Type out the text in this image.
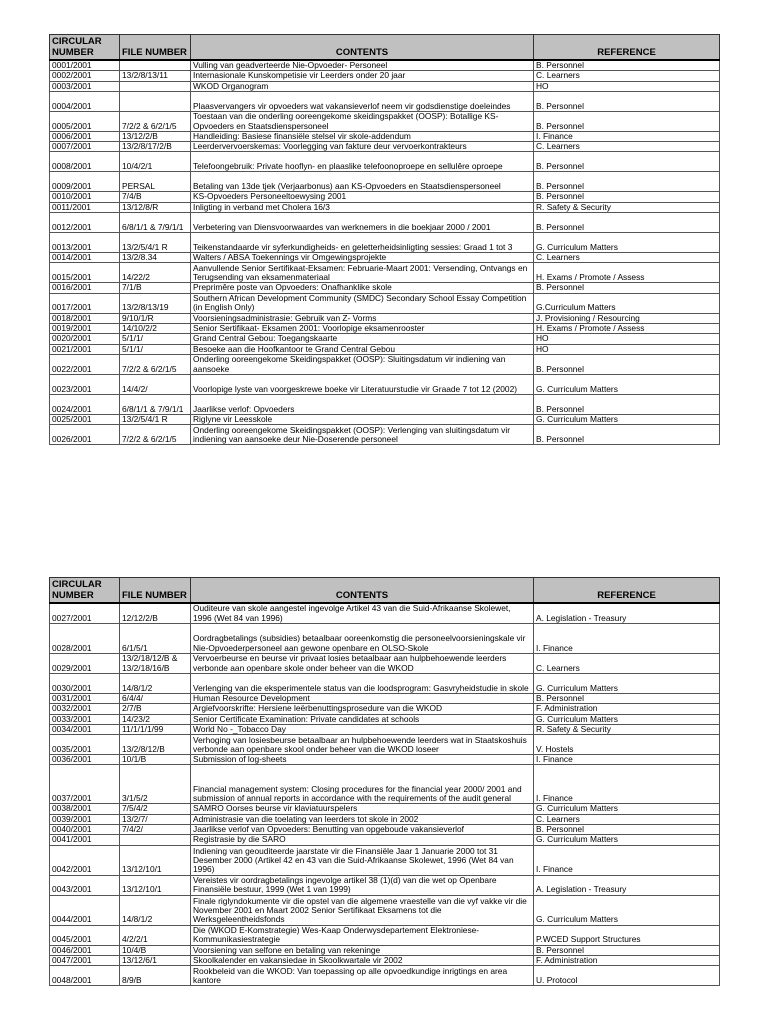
CIRCULAR NUMBER	FILE NUMBER	CONTENTS	REFERENCE
0001/2001		Vulling van geadverteerde Nie-Opvoeder- Personeel	B. Personnel
0002/2001	13/2/8/13/11	Internasionale Kunskompetisie vir Leerders onder 20 jaar	C. Learners
0003/2001		WKOD Organogram	HO
0004/2001		Plaasvervangers vir opvoeders wat vakansieverlof neem vir godsdienstige doeleindes	B. Personnel
0005/2001	7/2/2 & 6/2/1/5	Toestaan van die onderling ooreengekome skeidingspakket (OOSP): Botallige KS-Opvoeders en Staatsdienspersoneel	B. Personnel
0006/2001	13/12/2/B	Handleiding: Basiese finansiële stelsel vir skole-addendum	I. Finance
0007/2001	13/2/8/17/2/B	Leerdervervoerskemas: Voorlegging van fakture deur vervoerkontrakteurs	C. Learners
0008/2001	10/4/2/1	Telefoongebruik: Private hooflyn- en plaaslike telefoonoproepe en sellulêre oproepe	B. Personnel
0009/2001	PERSAL	Betaling van 13de tjek (Verjaarbonus) aan KS-Opvoeders en Staatsdienspersoneel	B. Personnel
0010/2001	7/4/B	KS-Opvoeders Personeeltoewysing 2001	B. Personnel
0011/2001	13/12/8/R	Inligting in verband met Cholera 16/3	R. Safety & Security
0012/2001	6/8/1/1 & 7/9/1/1	Verbetering van Diensvoorwaardes van werknemers in die boekjaar 2000 / 2001	B. Personnel
0013/2001	13/2/5/4/1 R	Teikenstandaarde vir syferkundigheids- en geletterheidsinligting sessies: Graad 1 tot 3	G. Curriculum Matters
0014/2001	13/2/8.34	Walters / ABSA Toekennings vir Omgewingsprojekte	C. Learners
0015/2001	14/22/2	Aanvullende Senior Sertifikaat-Eksamen: Februarie-Maart 2001: Versending, Ontvangs en Terugsending van eksamenmateriaal	H. Exams / Promote / Assess
0016/2001	7/1/B	Preprimêre poste van Opvoeders: Onafhanklike skole	B. Personnel
0017/2001	13/2/8/13/19	Southern African Development Community (SMDC) Secondary School Essay Competition (in English Only)	G.Curriculum Matters
0018/2001	9/10/1/R	Voorsieningsadministrasie: Gebruik van Z- Vorms	J. Provisioning / Resourcing
0019/2001	14/10/2/2	Senior Sertifikaat- Eksamen 2001: Voorlopige eksamenrooster	H. Exams / Promote / Assess
0020/2001	5/1/1/	Grand Central Gebou: Toegangskaarte	HO
0021/2001	5/1/1/	Besoeke aan die Hoofkantoor te Grand Central Gebou	HO
0022/2001	7/2/2 & 6/2/1/5	Onderling ooreengekome Skeidingspakket (OOSP): Sluitingsdatum vir indiening van aansoeke	B. Personnel
0023/2001	14/4/2/	Voorlopige lyste van voorgeskrewe boeke vir Literatuurstudie vir Graade 7 tot 12 (2002)	G. Curriculum Matters
0024/2001	6/8/1/1 & 7/9/1/1	Jaarlikse verlof: Opvoeders	B. Personnel
0025/2001	13/2/5/4/1 R	Riglyne vir Leesskole	G. Curriculum Matters
0026/2001	7/2/2 & 6/2/1/5	Onderling ooreengekome Skeidingspakket (OOSP): Verlenging van sluitingsdatum vir indiening van aansoeke deur Nie-Doserende personeel	B. Personnel
CIRCULAR NUMBER	FILE NUMBER	CONTENTS	REFERENCE
0027/2001	12/12/2/B	Ouditeure van skole aangestel ingevolge Artikel 43 van die Suid-Afrikaanse Skolewet, 1996 (Wet 84 van 1996)	A. Legislation - Treasury
0028/2001	6/1/5/1	Oordragbetalings (subsidies) betaalbaar ooreenkomstig die personeelvoorsieningskale vir Nie-Opvoederpersoneel aan gewone openbare en OLSO-Skole	I. Finance
0029/2001	13/2/18/12/B & 13/2/18/16/B	Vervoerbeurse en beurse vir privaat losies betaalbaar aan hulpbehoewende leerders verbonde aan openbare skole onder beheer van die WKOD	C. Learners
0030/2001	14/8/1/2	Verlenging van die eksperimentele status van die loodsprogram: Gasvryheidstudie in skole	G. Curriculum Matters
0031/2001	6/4/4/	Human Resource Development	B. Personnel
0032/2001	2/7/B	Argiefvoorskrifte: Hersiene leërbenuttingsprosedure van die WKOD	F. Administration
0033/2001	14/23/2	Senior Certificate Examination: Private candidates at schools	G. Curriculum Matters
0034/2001	11/1/1/1/99	World No -_Tobacco Day	R. Safety & Security
0035/2001	13/2/8/12/B	Verhoging van losiesbeurse betaalbaar an hulpbehoewende leerders wat in Staatskoshuis verbonde aan openbare skool onder beheer van die WKOD loseer	V. Hostels
0036/2001	10/1/B	Submission of log-sheets	I. Finance
0037/2001	3/1/5/2	Financial management system: Closing procedures for the financial year 2000/ 2001 and submission of annual reports in accordance with the requirements of the audit general	I. Finance
0038/2001	7/5/4/2	SAMRO Oorses beurse vir klaviatuurspelers	G. Curriculum Matters
0039/2001	13/2/7/	Administrasie van die toelating van leerders tot skole in 2002	C. Learners
0040/2001	7/4/2/	Jaarlikse verlof van Opvoeders: Benutting van opgeboude vakansieverlof	B. Personnel
0041/2001		Registrasie by die SARO	G. Curriculum Matters
0042/2001	13/12/10/1	Indiening van geouditeerde jaarstate vir die Finansiële Jaar 1 Januarie 2000 tot 31 Desember 2000 (Artikel 42 en 43 van die Suid-Afrikaanse Skolewet, 1996 (Wet 84 van 1996)	I. Finance
0043/2001	13/12/10/1	Vereistes vir oordragbetalings ingevolge artikel 38 (1)(d) van die wet op Openbare Finansiële bestuur, 1999 (Wet 1 van 1999)	A. Legislation - Treasury
0044/2001	14/8/1/2	Finale riglyndokumente vir die opstel van die algemene vraestelle van die vyf vakke vir die November 2001 en Maart 2002 Senior Sertifikaat Eksamens tot die Werksgeleentheidsfonds	G. Curriculum Matters
0045/2001	4/2/2/1	Die (WKOD E-Komstrategie) Wes-Kaap Onderwysdepartement Elektroniese-Kommunikasiestrategie	P.WCED Support Structures
0046/2001	10/4/B	Voorsiening van selfone en betaling van rekeninge	B. Personnel
0047/2001	13/12/6/1	Skoolkalender en vakansiedae in Skoolkwartale vir 2002	F. Administration
0048/2001	8/9/B	Rookbeleid van die WKOD: Van toepassing op alle opvoedkundige inrigtings en area kantore	U. Protocol
